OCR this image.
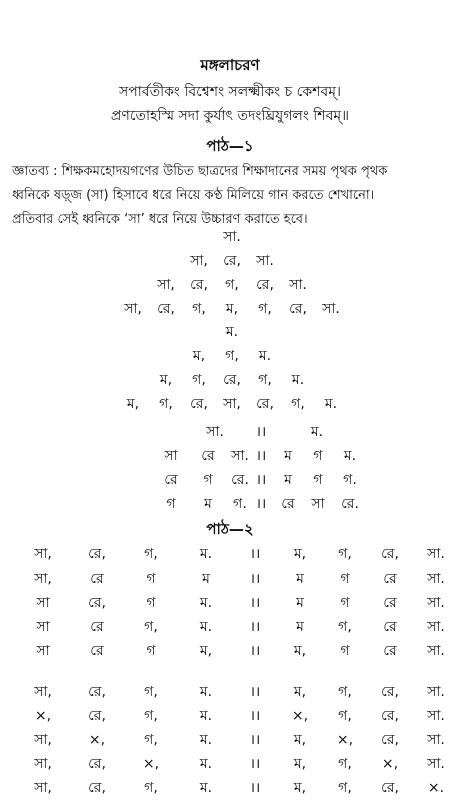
মঙ্গলাচরণ
সপার্বতীকং বিশ্বেশং সলক্ষ্মীকং চ কেশবম্।
প্রণতোহস্মি সদা কুর্যাৎ তদংঘ্রিযুগলং শিবম্॥
পাঠ—১
জ্ঞাতব্য : শিক্ষকমহোদয়গণের উচিত ছাত্রদের শিক্ষাদানের সময় পৃথক পৃথক
ধ্বনিকে ষড়্‌জ (সা) হিসাবে ধরে নিয়ে কণ্ঠ মিলিয়ে গান করতে শেখানো।
প্রতিবার সেই ধ্বনিকে ‘সা’ ধরে নিয়ে উচ্চারণ করাতে হবে।
সা.
সা, রে, সা.
সা, রে, গ, রে, সা.
সা, রে, গ, ম, গ, রে, সা.
ম.
ম, গ, ম.
ম, গ, রে, গ, ম.
ম, গ, রে, সা, রে, গ, ম.
সা. ।।	ম.
সা রে সা. ।। ম গ ম.
রে গ রে. ।। ম গ গ.
গ ম গ. ।। রে সা রে.
পাঠ—২
সা,	রে,	গ,	ম.	।। ম, গ, রে, সা.
সা,	রে	গ	ম	।।	ম	গ রে সা.
সা	রে,	গ	ম.	।।	ম	গ রে সা.
সা	রে	গ,	ম.	।।	ম গ, রে সা.
সা	রে	গ	ম,	।। ম, গ রে সা.
সা,	রে,	গ,	ম.	।। ম, গ, রে, সা.
×,	রে,	গ,	ম.	।। ×, গ, রে, সা.
সা,	×,	গ,	ম.	।। ম, ×, রে, সা.
সা,	রে,	×,	ম.	।। ম, গ, ×, সা.
সা,	রে,	গ,	ম.	।। ম, গ, রে, ×.
